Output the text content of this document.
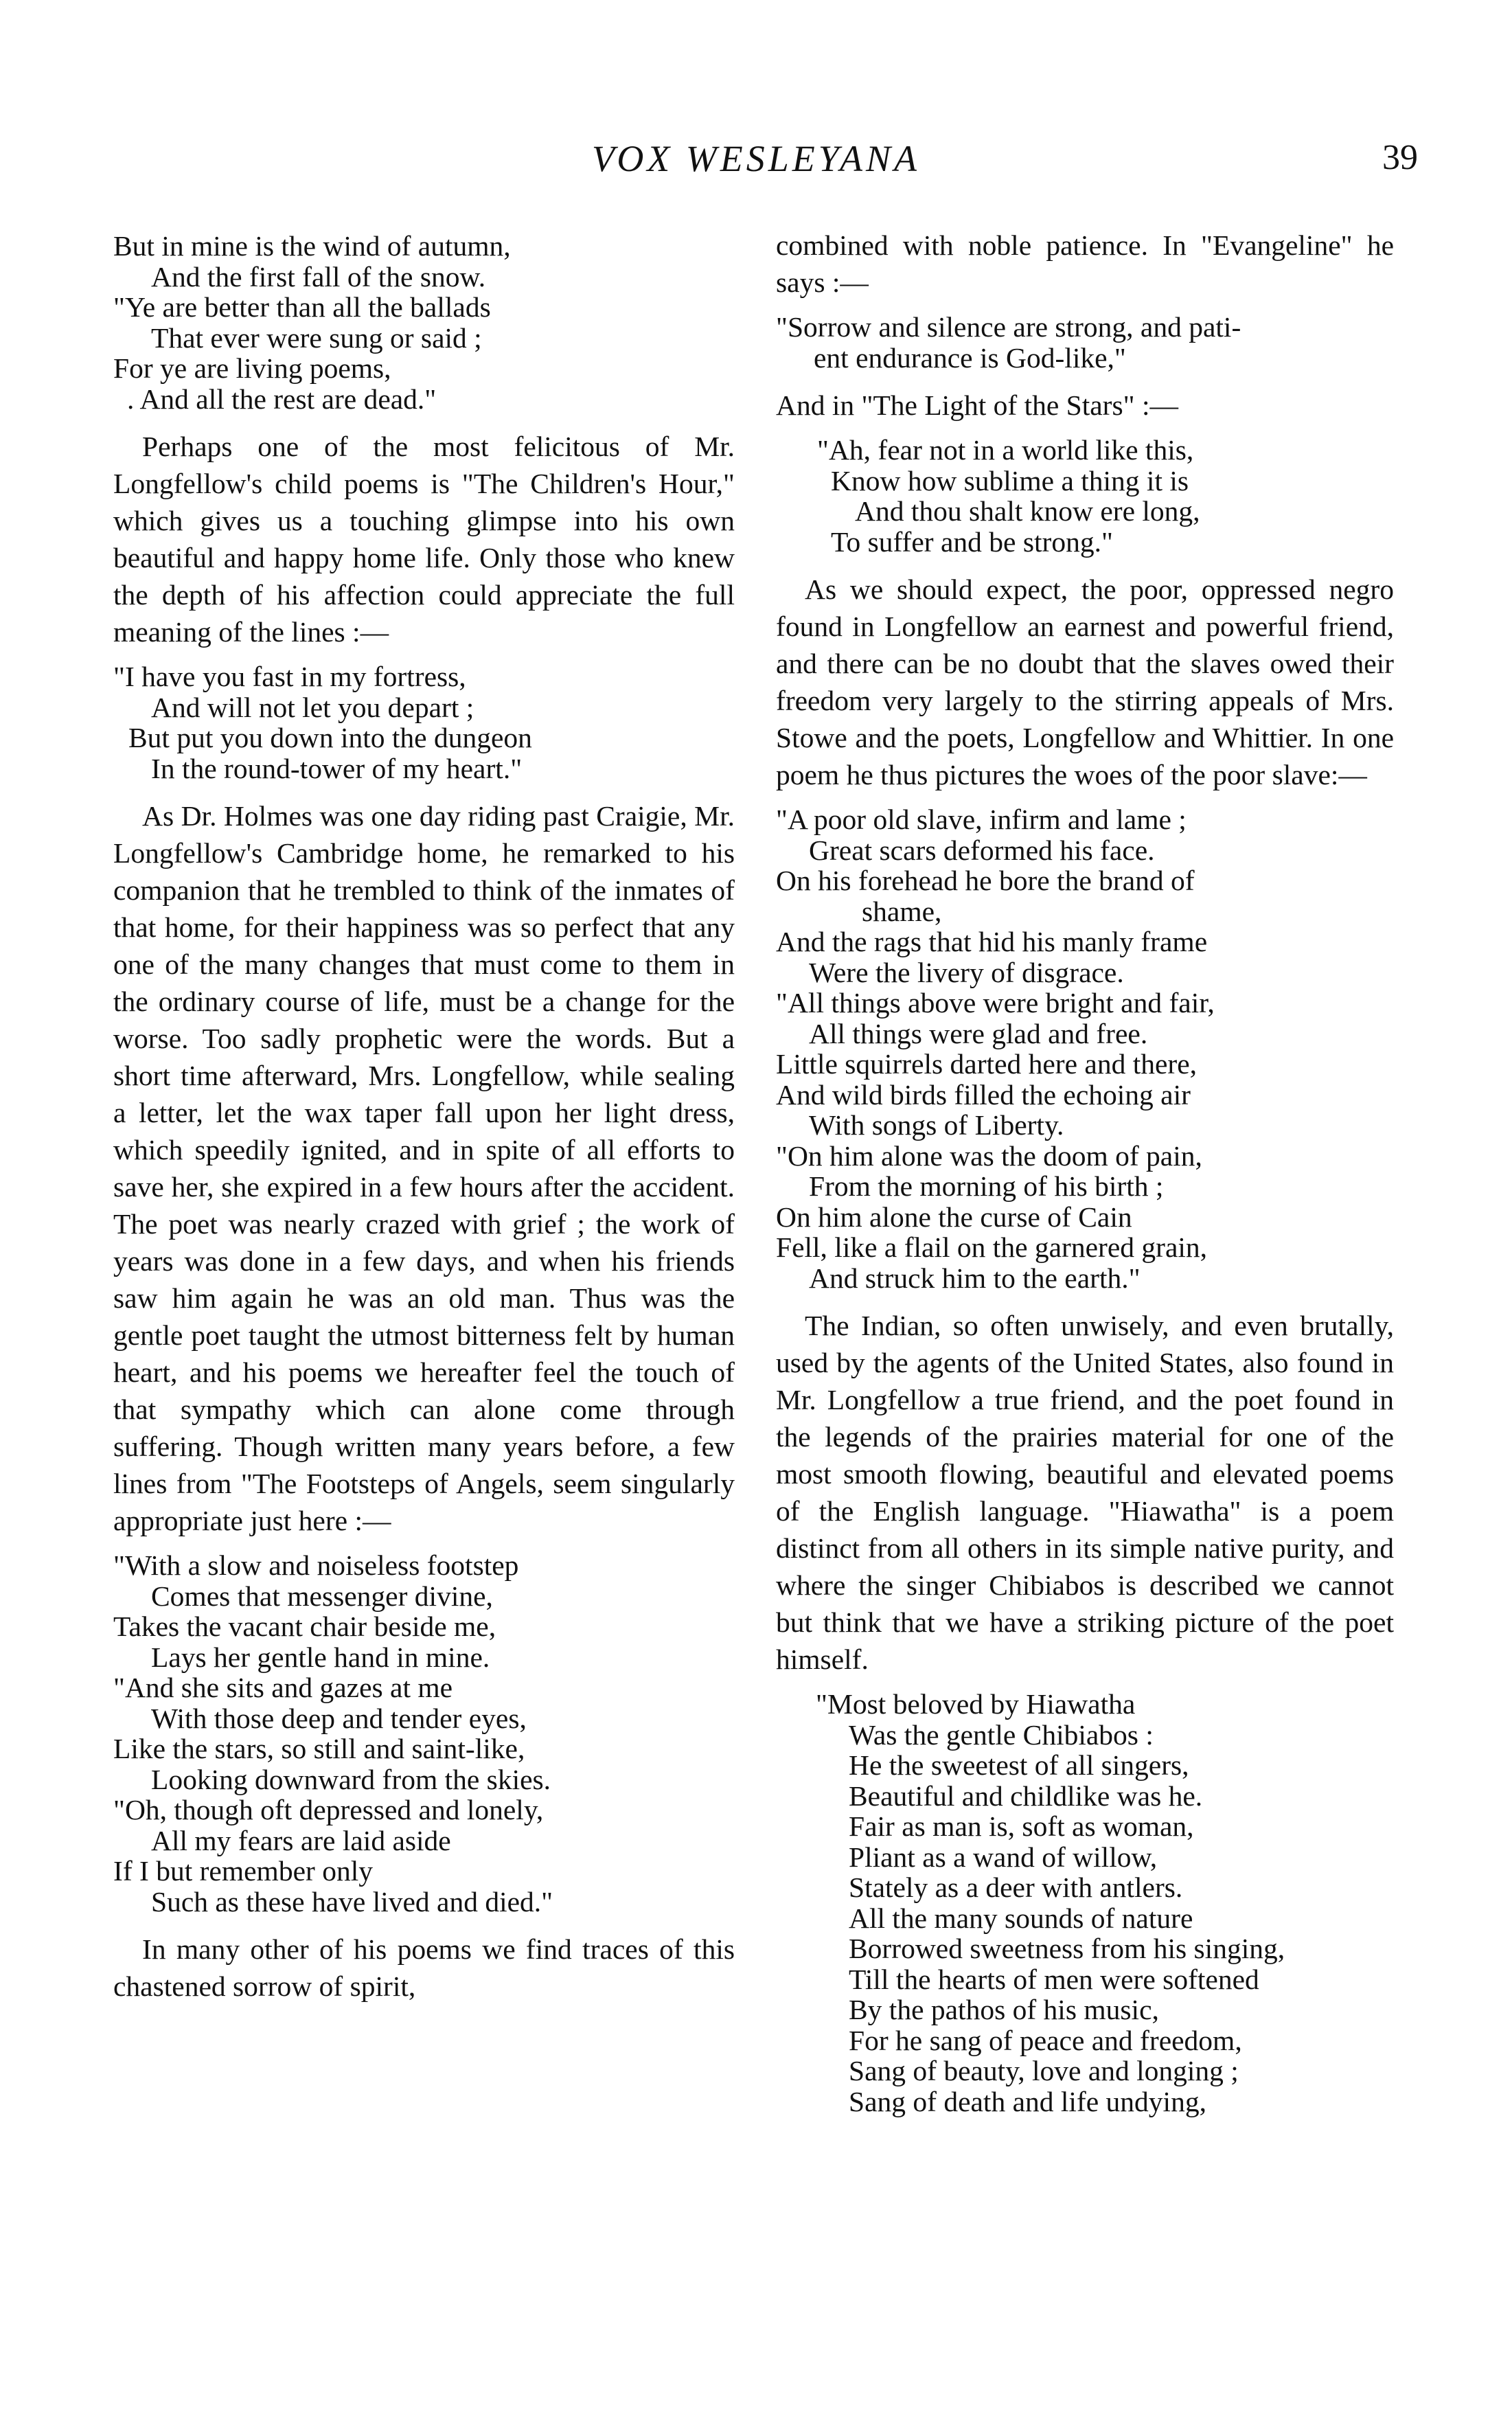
VOX WESLEYANA	39
But in mine is the wind of autumn,
And the first fall of the snow.
"Ye are better than all the ballads
That ever were sung or said ;
For ye are living poems,
. And all the rest are dead."

Perhaps one of the most felicitous of Mr. Longfellow's child poems is "The Children's Hour," which gives us a touching glimpse into his own beautiful and happy home life. Only those who knew the depth of his affection could appreciate the full meaning of the lines :—

"I have you fast in my fortress,
And will not let you depart ;
But put you down into the dungeon
In the round-tower of my heart."

As Dr. Holmes was one day riding past Craigie, Mr. Longfellow's Cambridge home, he remarked to his companion that he trembled to think of the inmates of that home, for their happiness was so perfect that any one of the many changes that must come to them in the ordinary course of life, must be a change for the worse. Too sadly prophetic were the words. But a short time afterward, Mrs. Longfellow, while sealing a letter, let the wax taper fall upon her light dress, which speedily ignited, and in spite of all efforts to save her, she expired in a few hours after the accident. The poet was nearly crazed with grief ; the work of years was done in a few days, and when his friends saw him again he was an old man. Thus was the gentle poet taught the utmost bitterness felt by human heart, and his poems we hereafter feel the touch of that sympathy which can alone come through suffering. Though written many years before, a few lines from "The Footsteps of Angels, seem singularly appropriate just here :—

"With a slow and noiseless footstep
Comes that messenger divine,
Takes the vacant chair beside me,
Lays her gentle hand in mine.
"And she sits and gazes at me
With those deep and tender eyes,
Like the stars, so still and saint-like,
Looking downward from the skies.
"Oh, though oft depressed and lonely,
All my fears are laid aside
If I but remember only
Such as these have lived and died."

In many other of his poems we find traces of this chastened sorrow of spirit,

combined with noble patience. In "Evangeline" he says :—

"Sorrow and silence are strong, and pati-
ent endurance is God-like,"

And in "The Light of the Stars" :—

"Ah, fear not in a world like this,
Know how sublime a thing it is
And thou shalt know ere long,
To suffer and be strong."

As we should expect, the poor, oppressed negro found in Longfellow an earnest and powerful friend, and there can be no doubt that the slaves owed their freedom very largely to the stirring appeals of Mrs. Stowe and the poets, Longfellow and Whittier. In one poem he thus pictures the woes of the poor slave:—

"A poor old slave, infirm and lame ;
Great scars deformed his face.
On his forehead he bore the brand of
shame,
And the rags that hid his manly frame
Were the livery of disgrace.
"All things above were bright and fair,
All things were glad and free.
Little squirrels darted here and there,
And wild birds filled the echoing air
With songs of Liberty.
"On him alone was the doom of pain,
From the morning of his birth ;
On him alone the curse of Cain
Fell, like a flail on the garnered grain,
And struck him to the earth."

The Indian, so often unwisely, and even brutally, used by the agents of the United States, also found in Mr. Longfellow a true friend, and the poet found in the legends of the prairies material for one of the most smooth flowing, beautiful and elevated poems of the English language. "Hiawatha" is a poem distinct from all others in its simple native purity, and where the singer Chibiabos is described we cannot but think that we have a striking picture of the poet himself.

"Most beloved by Hiawatha
Was the gentle Chibiabos :
He the sweetest of all singers,
Beautiful and childlike was he.
Fair as man is, soft as woman,
Pliant as a wand of willow,
Stately as a deer with antlers.
All the many sounds of nature
Borrowed sweetness from his singing,
Till the hearts of men were softened
By the pathos of his music,
For he sang of peace and freedom,
Sang of beauty, love and longing ;
Sang of death and life undying,
